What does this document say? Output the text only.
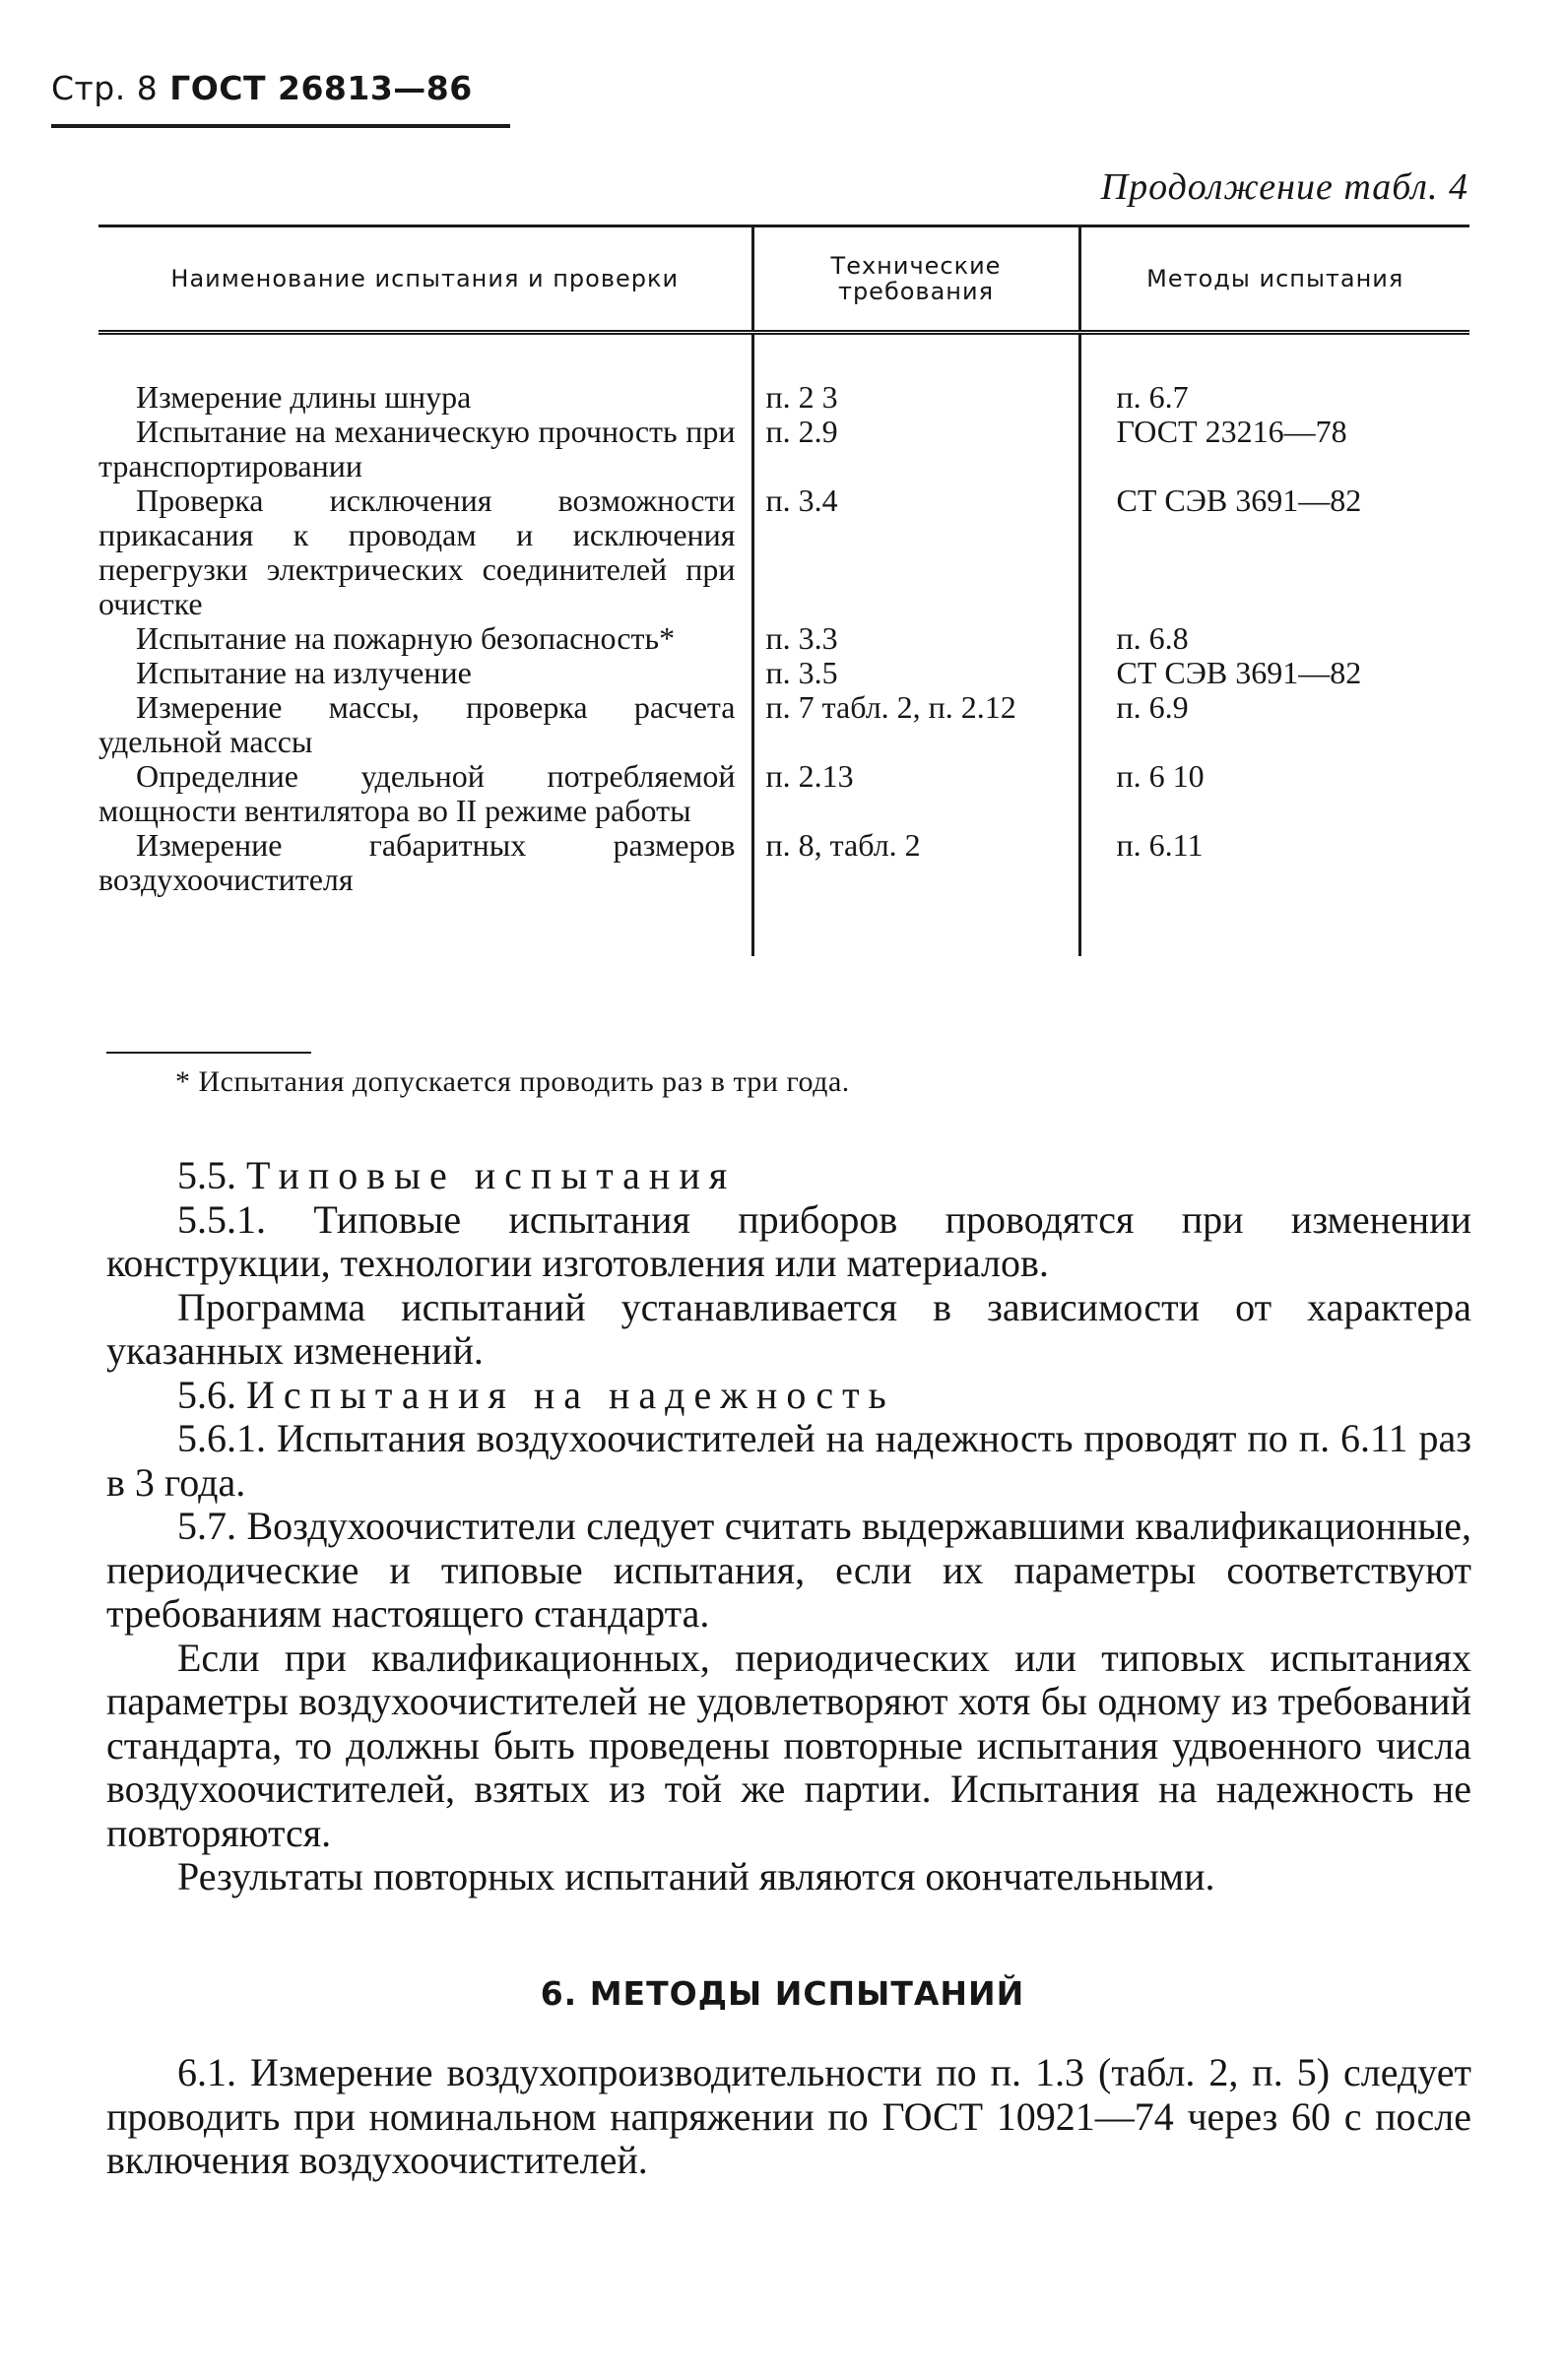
Стр. 8 ГОСТ 26813—86
Продолжение табл. 4
Наименование испытания и проверки	Технические требования	Методы испытания
Измерение длины шнура	п. 2 3	п. 6.7
Испытание на механическую прочность при транспортировании	п. 2.9	ГОСТ 23216—78
Проверка исключения возможности прикасания к проводам и исключения перегрузки электрических соединителей при очистке	п. 3.4	СТ СЭВ 3691—82
Испытание на пожарную безопасность*	п. 3.3	п. 6.8
Испытание на излучение	п. 3.5	СТ СЭВ 3691—82
Измерение массы, проверка расчета удельной массы	п. 7 табл. 2, п. 2.12	п. 6.9
Определние удельной потребляемой мощности вентилятора во II режиме работы	п. 2.13	п. 6 10
Измерение габаритных размеров воздухоочистителя	п. 8, табл. 2	п. 6.11
* Испытания допускается проводить раз в три года.

5.5. Типовые испытания

5.5.1. Типовые испытания приборов проводятся при изменении конструкции, технологии изготовления или материалов.

Программа испытаний устанавливается в зависимости от характера указанных изменений.

5.6. Испытания на надежность

5.6.1. Испытания воздухоочистителей на надежность проводят по п. 6.11 раз в 3 года.

5.7. Воздухоочистители следует считать выдержавшими квалификационные, периодические и типовые испытания, если их параметры соответствуют требованиям настоящего стандарта.

Если при квалификационных, периодических или типовых испытаниях параметры воздухоочистителей не удовлетворяют хотя бы одному из требований стандарта, то должны быть проведены повторные испытания удвоенного числа воздухоочистителей, взятых из той же партии. Испытания на надежность не повторяются.

Результаты повторных испытаний являются окончательными.

6. МЕТОДЫ ИСПЫТАНИЙ

6.1. Измерение воздухопроизводительности по п. 1.3 (табл. 2, п. 5) следует проводить при номинальном напряжении по ГОСТ 10921—74 через 60 с после включения воздухоочистителей.
